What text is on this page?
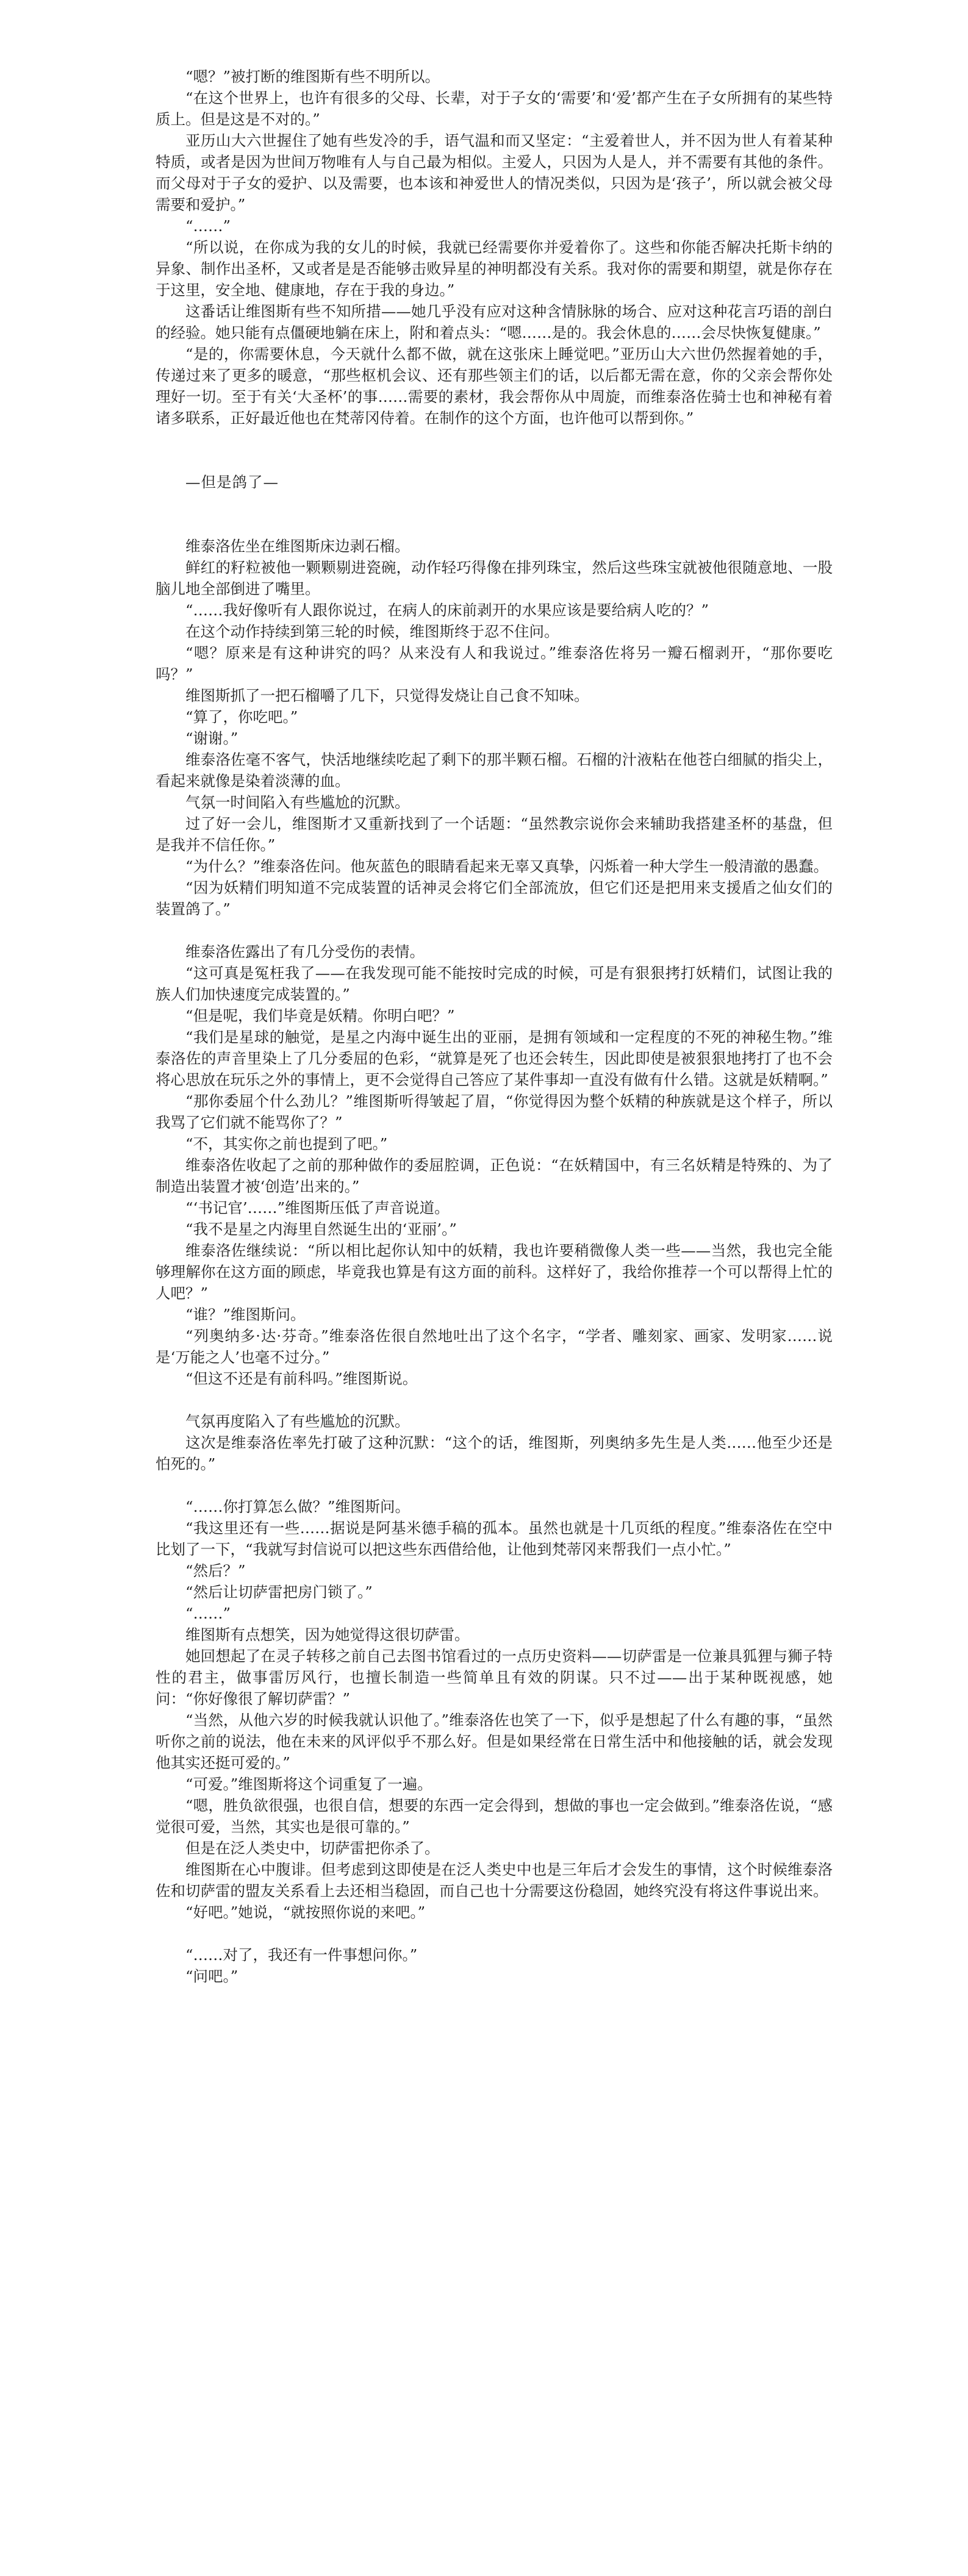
“嗯？”被打断的维图斯有些不明所以。

“在这个世界上，也许有很多的父母、长辈，对于子女的‘需要’和‘爱’都产生在子女所拥有的某些特质上。但是这是不对的。”

亚历山大六世握住了她有些发冷的手，语气温和而又坚定：“主爱着世人，并不因为世人有着某种特质，或者是因为世间万物唯有人与自己最为相似。主爱人，只因为人是人，并不需要有其他的条件。而父母对于子女的爱护、以及需要，也本该和神爱世人的情况类似，只因为是‘孩子’，所以就会被父母需要和爱护。”

“……”

“所以说，在你成为我的女儿的时候，我就已经需要你并爱着你了。这些和你能否解决托斯卡纳的异象、制作出圣杯，又或者是是否能够击败异星的神明都没有关系。我对你的需要和期望，就是你存在于这里，安全地、健康地，存在于我的身边。”

这番话让维图斯有些不知所措——她几乎没有应对这种含情脉脉的场合、应对这种花言巧语的剖白的经验。她只能有点僵硬地躺在床上，附和着点头：“嗯……是的。我会休息的……会尽快恢复健康。”

“是的，你需要休息，今天就什么都不做，就在这张床上睡觉吧。”亚历山大六世仍然握着她的手，传递过来了更多的暖意，“那些枢机会议、还有那些领主们的话，以后都无需在意，你的父亲会帮你处理好一切。至于有关‘大圣杯’的事……需要的素材，我会帮你从中周旋，而维泰洛佐骑士也和神秘有着诸多联系，正好最近他也在梵蒂冈侍着。在制作的这个方面，也许他可以帮到你。”

—但是鸽了—

维泰洛佐坐在维图斯床边剥石榴。

鲜红的籽粒被他一颗颗剔进瓷碗，动作轻巧得像在排列珠宝，然后这些珠宝就被他很随意地、一股脑儿地全部倒进了嘴里。

“……我好像听有人跟你说过，在病人的床前剥开的水果应该是要给病人吃的？”

在这个动作持续到第三轮的时候，维图斯终于忍不住问。

“嗯？原来是有这种讲究的吗？从来没有人和我说过。”维泰洛佐将另一瓣石榴剥开，“那你要吃吗？”

维图斯抓了一把石榴嚼了几下，只觉得发烧让自己食不知味。

“算了，你吃吧。”

“谢谢。”

维泰洛佐毫不客气，快活地继续吃起了剩下的那半颗石榴。石榴的汁液粘在他苍白细腻的指尖上，看起来就像是染着淡薄的血。

气氛一时间陷入有些尴尬的沉默。

过了好一会儿，维图斯才又重新找到了一个话题：“虽然教宗说你会来辅助我搭建圣杯的基盘，但是我并不信任你。”

“为什么？”维泰洛佐问。他灰蓝色的眼睛看起来无辜又真挚，闪烁着一种大学生一般清澈的愚蠢。

“因为妖精们明知道不完成装置的话神灵会将它们全部流放，但它们还是把用来支援盾之仙女们的装置鸽了。”

维泰洛佐露出了有几分受伤的表情。

“这可真是冤枉我了——在我发现可能不能按时完成的时候，可是有狠狠拷打妖精们，试图让我的族人们加快速度完成装置的。”

“但是呢，我们毕竟是妖精。你明白吧？”

“我们是星球的触觉，是星之内海中诞生出的亚丽，是拥有领域和一定程度的不死的神秘生物。”维泰洛佐的声音里染上了几分委屈的色彩，“就算是死了也还会转生，因此即使是被狠狠地拷打了也不会将心思放在玩乐之外的事情上，更不会觉得自己答应了某件事却一直没有做有什么错。这就是妖精啊。”

“那你委屈个什么劲儿？”维图斯听得皱起了眉，“你觉得因为整个妖精的种族就是这个样子，所以我骂了它们就不能骂你了？”

“不，其实你之前也提到了吧。”

维泰洛佐收起了之前的那种做作的委屈腔调，正色说：“在妖精国中，有三名妖精是特殊的、为了制造出装置才被‘创造’出来的。”

“‘书记官’……”维图斯压低了声音说道。

“我不是星之内海里自然诞生出的‘亚丽’。”

维泰洛佐继续说：“所以相比起你认知中的妖精，我也许要稍微像人类一些——当然，我也完全能够理解你在这方面的顾虑，毕竟我也算是有这方面的前科。这样好了，我给你推荐一个可以帮得上忙的人吧？”

“谁？”维图斯问。

“列奥纳多·达·芬奇。”维泰洛佐很自然地吐出了这个名字，“学者、雕刻家、画家、发明家……说是‘万能之人’也毫不过分。”

“但这不还是有前科吗。”维图斯说。

气氛再度陷入了有些尴尬的沉默。

这次是维泰洛佐率先打破了这种沉默：“这个的话，维图斯，列奥纳多先生是人类……他至少还是怕死的。”

“……你打算怎么做？”维图斯问。

“我这里还有一些……据说是阿基米德手稿的孤本。虽然也就是十几页纸的程度。”维泰洛佐在空中比划了一下，“我就写封信说可以把这些东西借给他，让他到梵蒂冈来帮我们一点小忙。”

“然后？”

“然后让切萨雷把房门锁了。”

“……”

维图斯有点想笑，因为她觉得这很切萨雷。

她回想起了在灵子转移之前自己去图书馆看过的一点历史资料——切萨雷是一位兼具狐狸与狮子特性的君主，做事雷厉风行，也擅长制造一些简单且有效的阴谋。只不过——出于某种既视感，她问：“你好像很了解切萨雷？”

“当然，从他六岁的时候我就认识他了。”维泰洛佐也笑了一下，似乎是想起了什么有趣的事，“虽然听你之前的说法，他在未来的风评似乎不那么好。但是如果经常在日常生活中和他接触的话，就会发现他其实还挺可爱的。”

“可爱。”维图斯将这个词重复了一遍。

“嗯，胜负欲很强，也很自信，想要的东西一定会得到，想做的事也一定会做到。”维泰洛佐说，“感觉很可爱，当然，其实也是很可靠的。”

但是在泛人类史中，切萨雷把你杀了。

维图斯在心中腹诽。但考虑到这即使是在泛人类史中也是三年后才会发生的事情，这个时候维泰洛佐和切萨雷的盟友关系看上去还相当稳固，而自己也十分需要这份稳固，她终究没有将这件事说出来。

“好吧。”她说，“就按照你说的来吧。”

“……对了，我还有一件事想问你。”

“问吧。”
